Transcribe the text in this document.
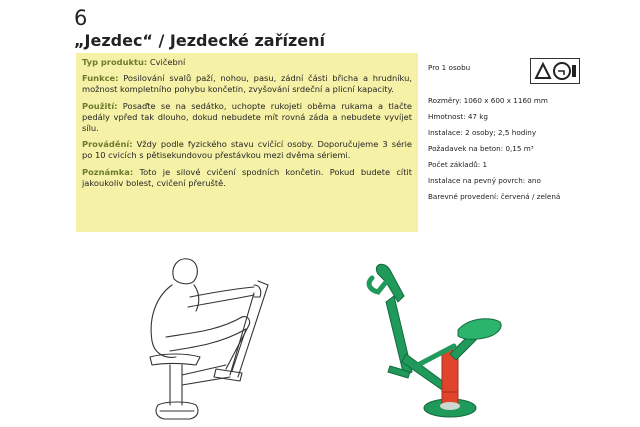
6
„Jezdec“ / Jezdecké zařízení

Typ produktu: Cvičební

Funkce: Posilování svalů paží, nohou, pasu, zádní části břicha a hrudníku, možnost kompletního pohybu končetin, zvyšování srdeční a plicní kapacity.

Použití: Posaďte se na sedátko, uchopte rukojeti oběma rukama a tlačte pedály vpřed tak dlouho, dokud nebudete mít rovná záda a nebudete vyvíjet sílu.

Provádění: Vždy podle fyzického stavu cvičící osoby. Doporučujeme 3 série po 10 cvicích s pětisekundovou přestávkou mezi dvěma sériemi.

Poznámka: Toto je silové cvičení spodních končetin. Pokud budete cítit jakoukoliv bolest, cvičení přeruště.

Pro 1 osobu
Rozměry: 1060 x 600 x 1160 mm
Hmotnost: 47 kg
Instalace: 2 osoby; 2,5 hodiny
Požadavek na beton: 0,15 m³
Počet základů: 1
Instalace na pevný povrch: ano
Barevné provedení: červená / zelená
